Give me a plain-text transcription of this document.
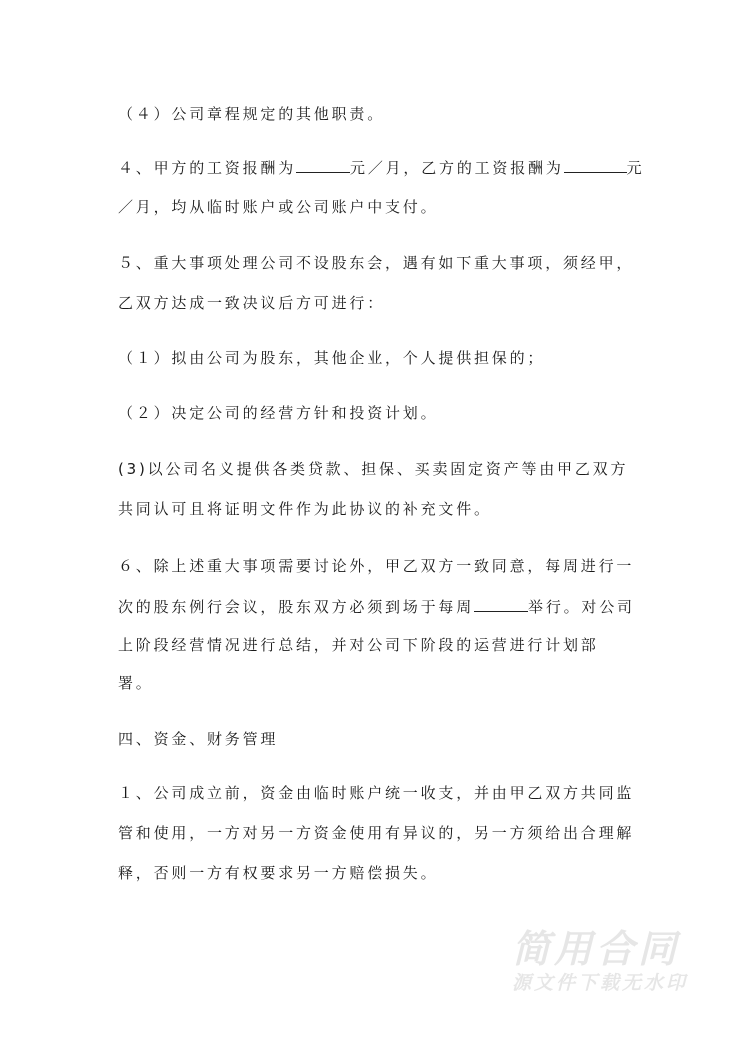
（４）公司章程规定的其他职责。
４、甲方的工资报酬为	元／月，乙方的工资报酬为	元
／月，均从临时账户或公司账户中支付。
５、重大事项处理公司不设股东会，遇有如下重大事项，须经甲，
乙双方达成一致决议后方可进行：
（１）拟由公司为股东，其他企业，个人提供担保的；
（２）决定公司的经营方针和投资计划。
(3)以公司名义提供各类贷款、担保、买卖固定资产等由甲乙双方
共同认可且将证明文件作为此协议的补充文件。
６、除上述重大事项需要讨论外，甲乙双方一致同意，每周进行一
次的股东例行会议，股东双方必须到场于每周	举行。对公司
上阶段经营情况进行总结，并对公司下阶段的运营进行计划部
署。
四、资金、财务管理
１、公司成立前，资金由临时账户统一收支，并由甲乙双方共同监
管和使用，一方对另一方资金使用有异议的，另一方须给出合理解
释，否则一方有权要求另一方赔偿损失。
简用合同
源文件下载无水印
